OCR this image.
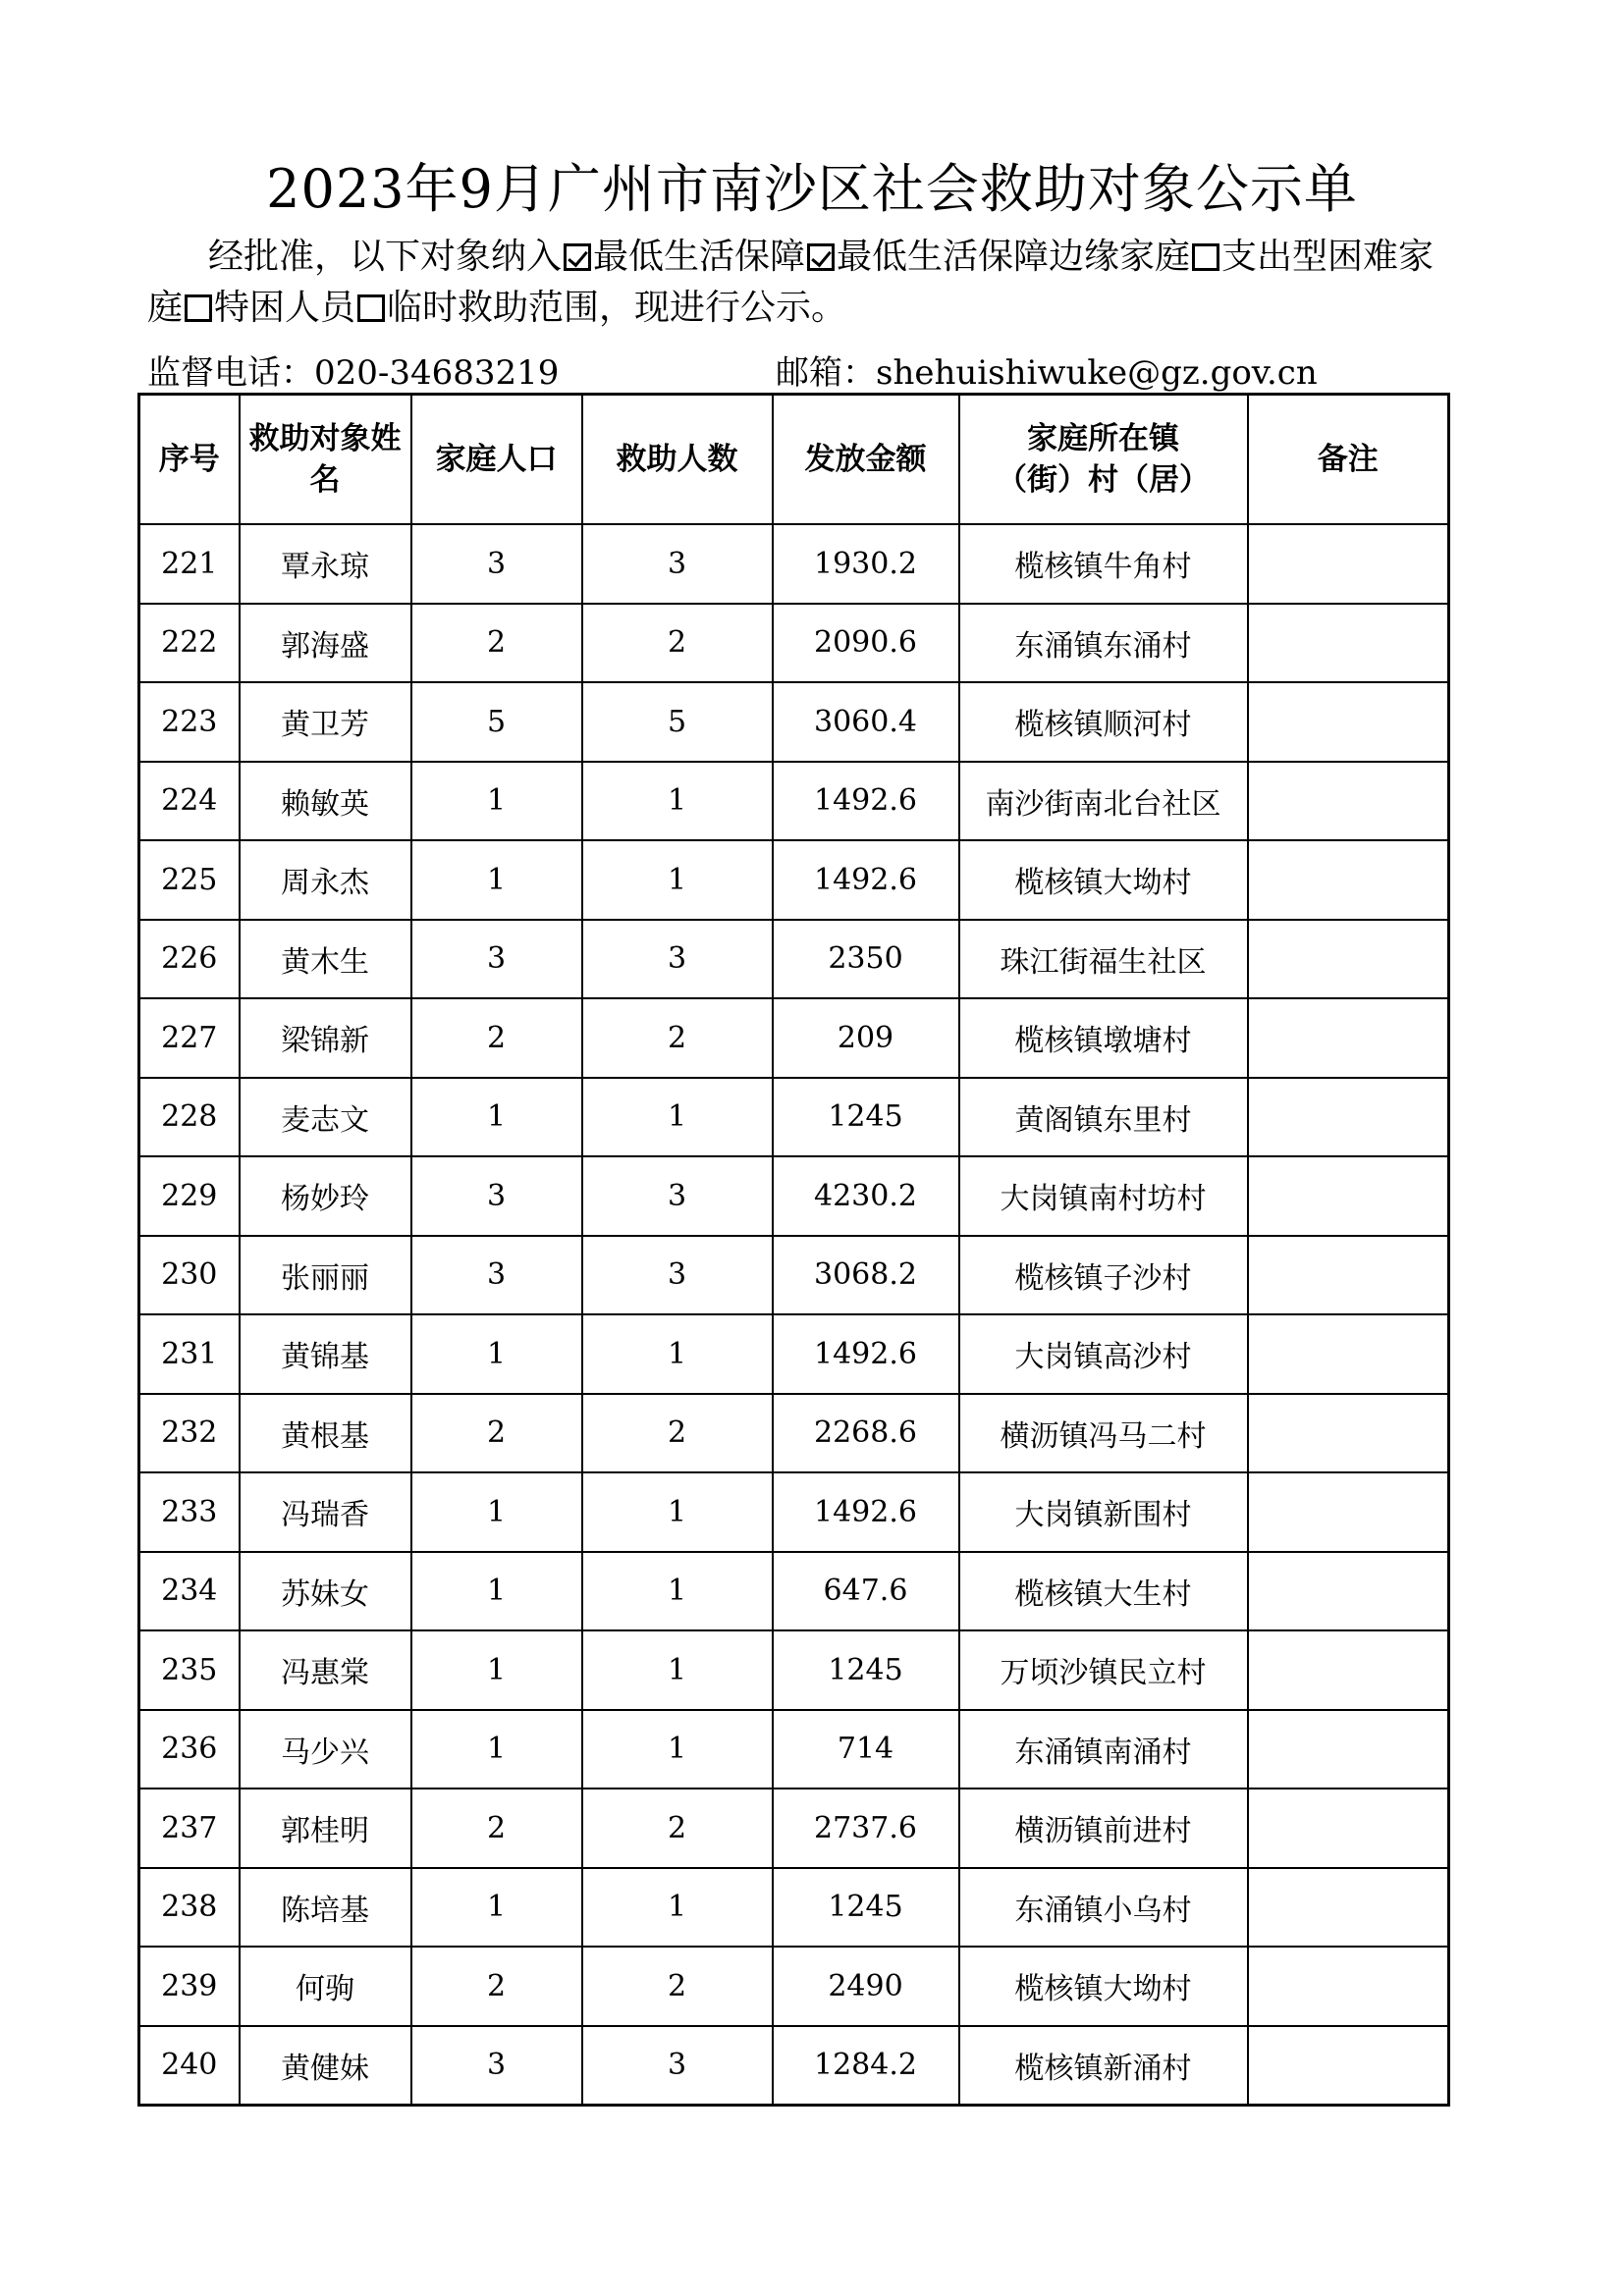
2023年9月广州市南沙区社会救助对象公示单
经批准，以下对象纳入 最低生活保障 最低生活保障边缘家庭 支出型困难家庭 特困人员 临时救助范围，现进行公示。
监督电话：020-34683219	邮箱：shehuishiwuke@gz.gov.cn
序号	救助对象姓名	家庭人口	救助人数	发放金额	家庭所在镇（街）村（居）	备注
221	覃永琼	3	3	1930.2	榄核镇牛角村	
222	郭海盛	2	2	2090.6	东涌镇东涌村	
223	黄卫芳	5	5	3060.4	榄核镇顺河村	
224	赖敏英	1	1	1492.6	南沙街南北台社区	
225	周永杰	1	1	1492.6	榄核镇大坳村	
226	黄木生	3	3	2350	珠江街福生社区	
227	梁锦新	2	2	209	榄核镇墩塘村	
228	麦志文	1	1	1245	黄阁镇东里村	
229	杨妙玲	3	3	4230.2	大岗镇南村坊村	
230	张丽丽	3	3	3068.2	榄核镇子沙村	
231	黄锦基	1	1	1492.6	大岗镇高沙村	
232	黄根基	2	2	2268.6	横沥镇冯马二村	
233	冯瑞香	1	1	1492.6	大岗镇新围村	
234	苏妹女	1	1	647.6	榄核镇大生村	
235	冯惠棠	1	1	1245	万顷沙镇民立村	
236	马少兴	1	1	714	东涌镇南涌村	
237	郭桂明	2	2	2737.6	横沥镇前进村	
238	陈培基	1	1	1245	东涌镇小乌村	
239	何驹	2	2	2490	榄核镇大坳村	
240	黄健妹	3	3	1284.2	榄核镇新涌村	
